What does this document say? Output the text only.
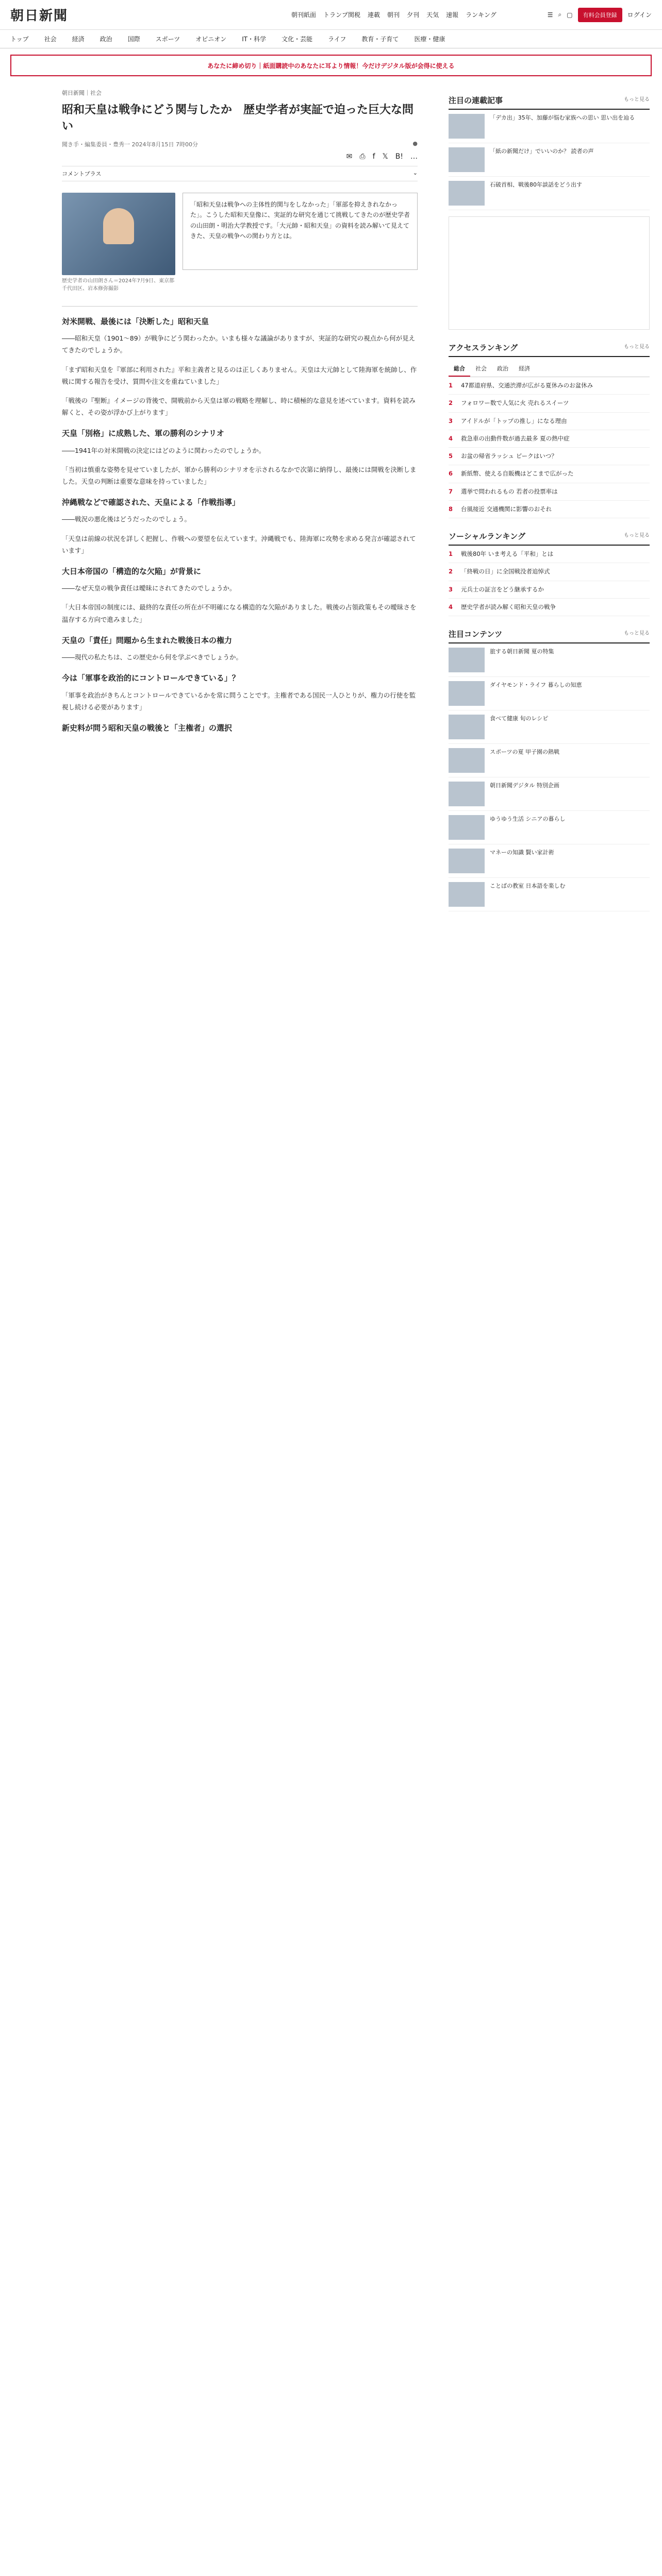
朝日新聞	朝刊紙面 トランプ関税 連載 朝刊 夕刊 天気 速報 ランキング	☰ ⌕ ▢	有料会員登録	ログイン
トップ	社会	経済	政治	国際	スポーツ	オピニオン	IT・科学	文化・芸能	ライフ	教育・子育て	医療・健康
あなたに締め切り｜紙面購読中のあなたに耳より情報！今だけデジタル版が会得に使える
朝日新聞｜社会
昭和天皇は戦争にどう関与したか　歴史学者が実証で迫った巨大な問い
聞き手・編集委員・豊秀一 2024年8月15日 7時00分	●
✉ ⎙ f 𝕏 B! …
コメントプラス	⌄
歴史学者の山田朗さん＝2024年7月9日、東京都千代田区、岩本修弥撮影
「昭和天皇は戦争への主体性的関与をしなかった」「軍部を抑えきれなかった」。こうした昭和天皇像に、実証的な研究を通じて挑戦してきたのが歴史学者の山田朗・明治大学教授です。「大元帥・昭和天皇」の資料を読み解いて見えてきた、天皇の戦争への関わり方とは。
対米開戦、最後には「決断した」昭和天皇

――昭和天皇（1901～89）が戦争にどう関わったか。いまも様々な議論がありますが、実証的な研究の視点から何が見えてきたのでしょうか。

「まず昭和天皇を『軍部に利用された』平和主義者と見るのは正しくありません。天皇は大元帥として陸海軍を統帥し、作戦に関する報告を受け、質問や注文を重ねていました」

「戦後の『聖断』イメージの背後で、開戦前から天皇は軍の戦略を理解し、時に積極的な意見を述べています。資料を読み解くと、その姿が浮かび上がります」

天皇「別格」に成熟した、軍の勝利のシナリオ

――1941年の対米開戦の決定にはどのように関わったのでしょうか。

「当初は慎重な姿勢を見せていましたが、軍から勝利のシナリオを示されるなかで次第に納得し、最後には開戦を決断しました。天皇の判断は重要な意味を持っていました」

沖縄戦などで確認された、天皇による「作戦指導」

――戦況の悪化後はどうだったのでしょう。

「天皇は前線の状況を詳しく把握し、作戦への要望を伝えています。沖縄戦でも、陸海軍に攻勢を求める発言が確認されています」

大日本帝国の「構造的な欠陥」が背景に

――なぜ天皇の戦争責任は曖昧にされてきたのでしょうか。

「大日本帝国の制度には、最終的な責任の所在が不明確になる構造的な欠陥がありました。戦後の占領政策もその曖昧さを温存する方向で進みました」

天皇の「責任」問題から生まれた戦後日本の権力

――現代の私たちは、この歴史から何を学ぶべきでしょうか。

今は「軍事を政治的にコントロールできている」？

「軍事を政治がきちんとコントロールできているかを常に問うことです。主権者である国民一人ひとりが、権力の行使を監視し続ける必要があります」

新史料が問う昭和天皇の戦後と「主権者」の選択
注目の連載記事	もっと見る
「デカ出」35年、加藤が悩む家族への思い 思い出を辿る
「紙の新聞だけ」でいいのか？ 読者の声
石破首相、戦後80年談話をどう出す
アクセスランキング	もっと見る
総合	社会	政治	経済
1	47都道府県、交通渋滞が広がる夏休みのお盆休み
2	フォロワー数で人気に火 売れるスイーツ
3	アイドルが「トップの推し」になる理由
4	救急車の出動件数が過去最多 夏の熱中症
5	お盆の帰省ラッシュ ピークはいつ？
6	新紙幣、使える自販機はどこまで広がった
7	選挙で問われるもの 若者の投票率は
8	台風接近 交通機関に影響のおそれ
ソーシャルランキング	もっと見る
1	戦後80年 いま考える「平和」とは
2	「終戦の日」に全国戦没者追悼式
3	元兵士の証言をどう継承するか
4	歴史学者が読み解く昭和天皇の戦争
注目コンテンツ	もっと見る
旅する朝日新聞 夏の特集
ダイヤモンド・ライフ 暮らしの知恵
食べて健康 旬のレシピ
スポーツの夏 甲子園の熱戦
朝日新聞デジタル 特別企画
ゆうゆう生活 シニアの暮らし
マネーの知識 賢い家計術
ことばの教室 日本語を楽しむ
